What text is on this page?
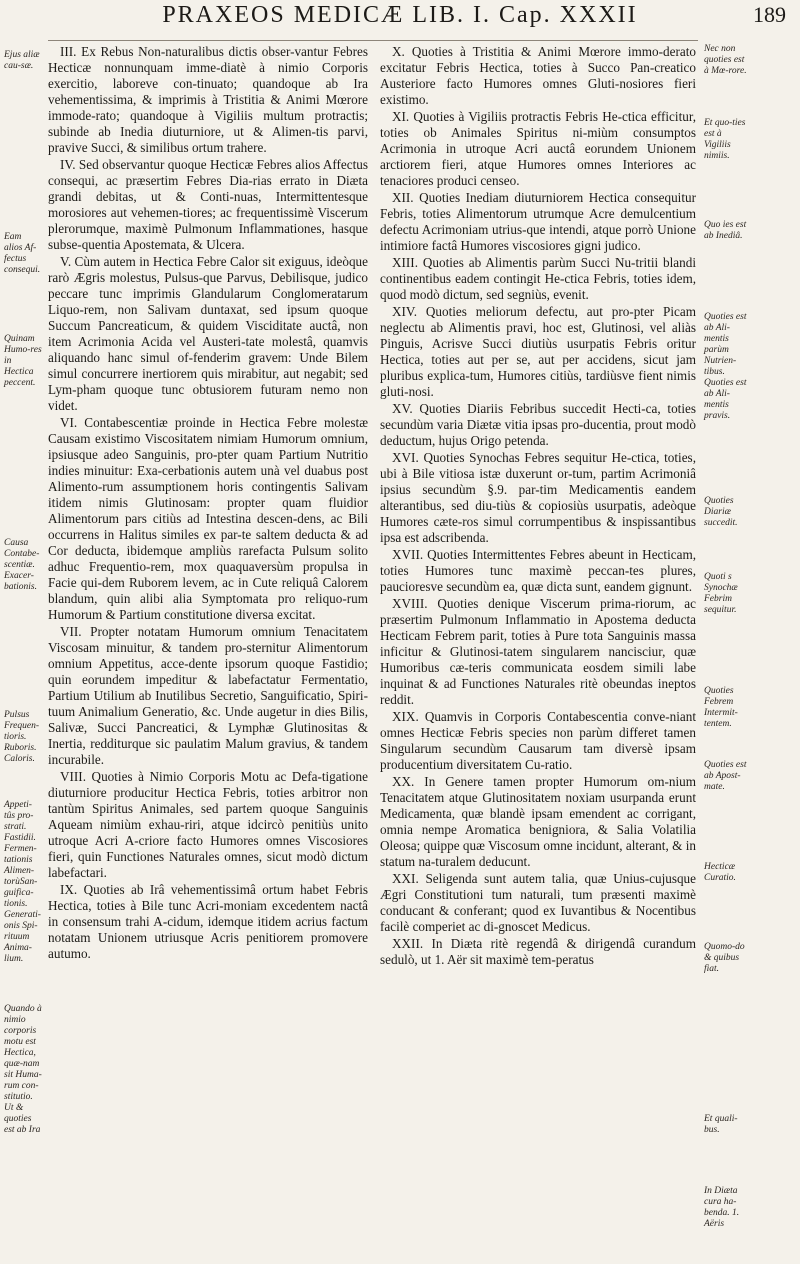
PRAXEOS MEDICÆ LIB. I. Cap. XXXII	189
Ejus aliæ cau-sæ.
Eam alios Af-fectus consequi.
Quinam Humo-res in Hectica peccent.
Causa Contabe-scentiæ. Exacer-bationis.
Pulsus Frequen-tioris. Ruboris. Caloris.
Appeti-tûs pro-strati. Fastidii. Fermen-tationis Alimen-torùSan-guifica-tionis. Generati-onis Spi-rituum Anima-lium.
Quando à nimio corporis motu est Hectica, quæ-nam sit Huma-rum con-stitutio. Ut & quoties est ab Ira

III. Ex Rebus Non-naturalibus dictis obser-vantur Febres Hecticæ nonnunquam imme-diatè à nimio Corporis exercitio, laboreve con-tinuato; quandoque ab Ira vehementissima, & imprimis à Tristitia & Animi Mœrore immode-rato; quandoque à Vigiliis multum protractis; subinde ab Inedia diuturniore, ut & Alimen-tis parvi, pravive Succi, & similibus ortum trahere.

IV. Sed observantur quoque Hecticæ Febres alios Affectus consequi, ac præsertim Febres Dia-rias errato in Diæta grandi debitas, ut & Conti-nuas, Intermittentesque morosiores aut vehemen-tiores; ac frequentissimè Viscerum plerorumque, maximè Pulmonum Inflammationes, hasque subse-quentia Apostemata, & Ulcera.

V. Cùm autem in Hectica Febre Calor sit exiguus, ideòque rarò Ægris molestus, Pulsus-que Parvus, Debilisque, judico peccare tunc imprimis Glandularum Conglomeratarum Liquo-rem, non Salivam duntaxat, sed ipsum quoque Succum Pancreaticum, & quidem Visciditate auctâ, non item Acrimonia Acida vel Austeri-tate molestâ, quamvis aliquando hanc simul of-fenderim gravem: Unde Bilem simul concurrere inertiorem quis mirabitur, aut negabit; sed Lym-pham quoque tunc obtusiorem futuram nemo non videt.

VI. Contabescentiæ proinde in Hectica Febre molestæ Causam existimo Viscositatem nimiam Humorum omnium, ipsiusque adeo Sanguinis, pro-pter quam Partium Nutritio indies minuitur: Exa-cerbationis autem unà vel duabus post Alimento-rum assumptionem horis contingentis Salivam itidem nimis Glutinosam: propter quam fluidior Alimentorum pars citiùs ad Intestina descen-dens, ac Bili occurrens in Halitus similes ex par-te saltem deducta & ad Cor deducta, ibidemque ampliùs rarefacta Pulsum solito adhuc Frequentio-rem, mox quaquaversùm propulsa in Facie qui-dem Ruborem levem, ac in Cute reliquâ Calorem blandum, quin alibi alia Symptomata pro reliquo-rum Humorum & Partium constitutione diversa excitat.

VII. Propter notatam Humorum omnium Tenacitatem Viscosam minuitur, & tandem pro-sternitur Alimentorum omnium Appetitus, acce-dente ipsorum quoque Fastidio; quin eorundem impeditur & labefactatur Fermentatio, Partium Utilium ab Inutilibus Secretio, Sanguificatio, Spiri-tuum Animalium Generatio, &c. Unde augetur in dies Bilis, Salivæ, Succi Pancreatici, & Lymphæ Glutinositas & Inertia, redditurque sic paulatim Malum gravius, & tandem incurabile.

VIII. Quoties à Nimio Corporis Motu ac Defa-tigatione diuturniore producitur Hectica Febris, toties arbitror non tantùm Spiritus Animales, sed partem quoque Sanguinis Aqueam nimiùm exhau-riri, atque idcircò penitiùs unito utroque Acri A-criore facto Humores omnes Viscosiores fieri, quin Functiones Naturales omnes, sicut modò dictum labefactari.

IX. Quoties ab Irâ vehementissimâ ortum habet Febris Hectica, toties à Bile tunc Acri-moniam excedentem nactâ in consensum trahi A-cidum, idemque itidem acrius factum notatam Unionem utriusque Acris penitiorem promovere autumo.

X. Quoties à Tristitia & Animi Mœrore immo-derato excitatur Febris Hectica, toties à Succo Pan-creatico Austeriore facto Humores omnes Gluti-nosiores fieri existimo.

XI. Quoties à Vigiliis protractis Febris He-ctica efficitur, toties ob Animales Spiritus ni-miùm consumptos Acrimonia in utroque Acri auctâ eorundem Unionem arctiorem fieri, atque Humores omnes Interiores ac tenaciores produci censeo.

XII. Quoties Inediam diuturniorem Hectica consequitur Febris, toties Alimentorum utrumque Acre demulcentium defectu Acrimoniam utrius-que intendi, atque porrò Unione intimiore factâ Humores viscosiores gigni judico.

XIII. Quoties ab Alimentis parùm Succi Nu-tritii blandi continentibus eadem contingit He-ctica Febris, toties idem, quod modò dictum, sed segniùs, evenit.

XIV. Quoties meliorum defectu, aut pro-pter Picam neglectu ab Alimentis pravi, hoc est, Glutinosi, vel aliàs Pinguis, Acrisve Succi diutiùs usurpatis Febris oritur Hectica, toties aut per se, aut per accidens, sicut jam pluribus explica-tum, Humores citiùs, tardiùsve fient nimis gluti-nosi.

XV. Quoties Diariis Febribus succedit Hecti-ca, toties secundùm varia Diætæ vitia ipsas pro-ducentia, prout modò deductum, hujus Origo petenda.

XVI. Quoties Synochas Febres sequitur He-ctica, toties, ubi à Bile vitiosa istæ duxerunt or-tum, partim Acrimoniâ ipsius secundùm §.9. par-tim Medicamentis eandem alterantibus, sed diu-tiùs & copiosiùs usurpatis, adeòque Humores cæte-ros simul corrumpentibus & inspissantibus ipsa est adscribenda.

XVII. Quoties Intermittentes Febres abeunt in Hecticam, toties Humores tunc maximè peccan-tes plures, paucioresve secundùm ea, quæ dicta sunt, eandem gignunt.

XVIII. Quoties denique Viscerum prima-riorum, ac præsertim Pulmonum Inflammatio in Apostema deducta Hecticam Febrem parit, toties à Pure tota Sanguinis massa inficitur & Glutinosi-tatem singularem nancisciur, quæ Humoribus cæ-teris communicata eosdem simili labe inquinat & ad Functiones Naturales ritè obeundas ineptos reddit.

XIX. Quamvis in Corporis Contabescentia conve-niant omnes Hecticæ Febris species non parùm differet tamen Singularum secundùm Causarum tam diversè ipsam producentium diversitatem Cu-ratio.

XX. In Genere tamen propter Humorum om-nium Tenacitatem atque Glutinositatem noxiam usurpanda erunt Medicamenta, quæ blandè ipsam emendent ac corrigant, omnia nempe Aromatica benigniora, & Salia Volatilia Oleosa; quippe quæ Viscosum omne incidunt, alterant, & in statum na-turalem deducunt.

XXI. Seligenda sunt autem talia, quæ Unius-cujusque Ægri Constitutioni tum naturali, tum præsenti maximè conducant & conferant; quod ex Iuvantibus & Nocentibus facilè comperiet ac di-gnoscet Medicus.

XXII. In Diæta ritè regendâ & dirigendâ curandum sedulò, ut 1. Aër sit maximè tem-peratus

Nec non quoties est à Mœ-rore.
Et quo-ties est à Vigiliis nimiis.
Quo ies est ab Inediâ.
Quoties est ab Ali-mentis parùm Nutrien-tibus. Quoties est ab Ali-mentis pravis.
Quoties Diariæ succedit.
Quoti s Synochæ Febrim sequitur.
Quoties Febrem Intermit-tentem.
Quoties est ab Apost-mate.
Hecticæ Curatio.
Quomo-do & quibus fiat.
Et quali-bus.
In Diæta cura ha-benda. 1. Aëris
